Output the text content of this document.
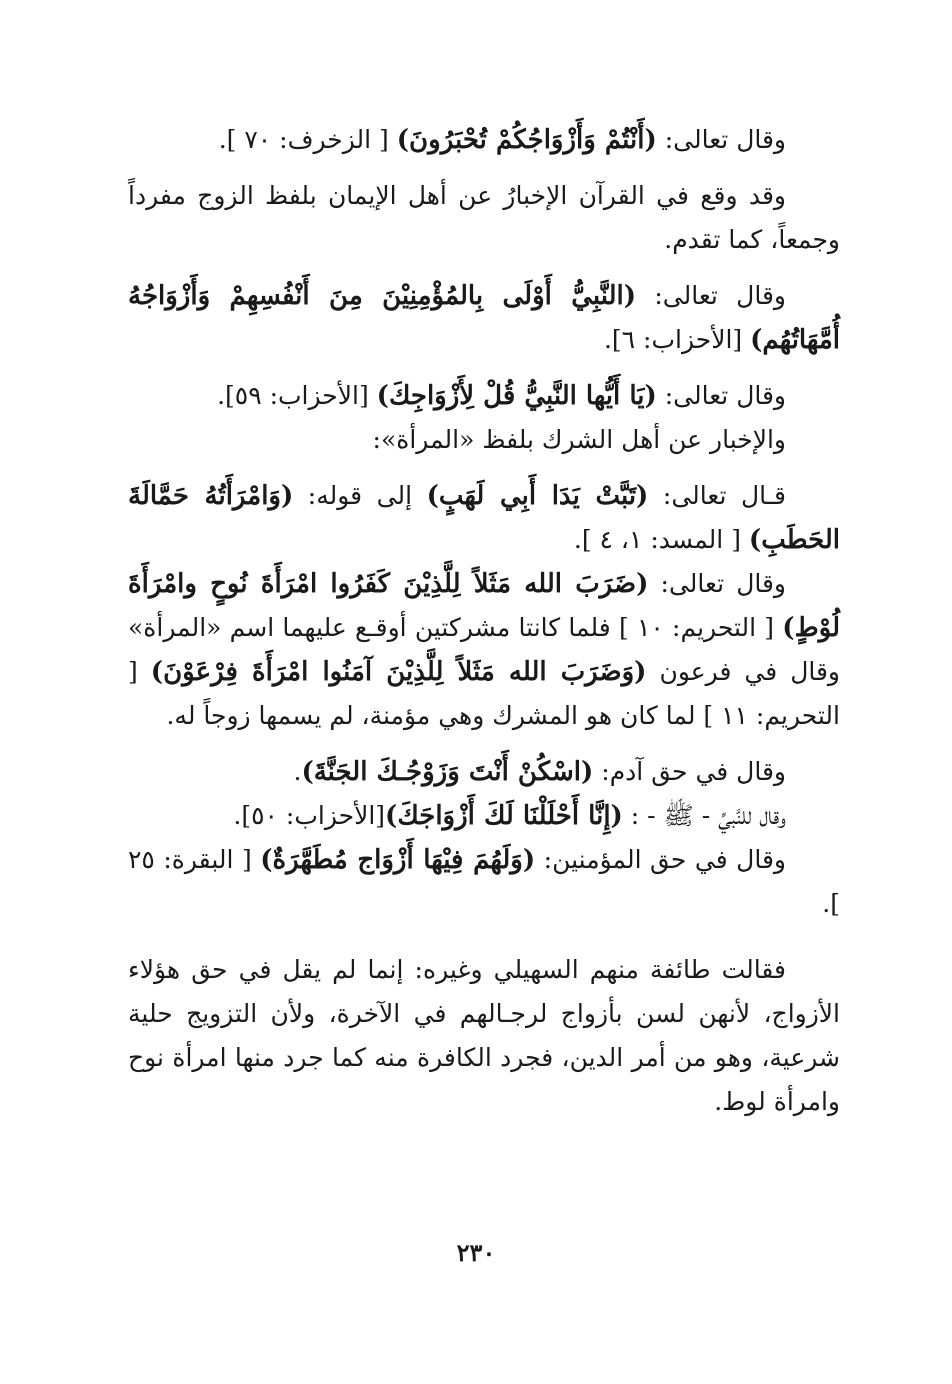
وقال تعالى: (أَنْتُمْ وَأَزْوَاجُكُمْ تُحْبَرُونَ) [ الزخرف: ٧٠ ].

وقد وقع في القرآن الإخبارُ عن أهل الإيمان بلفظ الزوج مفرداً وجمعاً، كما تقدم.

وقال تعالى: (النَّبِيُّ أَوْلَى بِالمُؤْمِنِيْنَ مِنَ أَنْفُسِهِمْ وَأَزْوَاجُهُ أُمَّهَاتُهُم) [الأحزاب: ٦].

وقال تعالى: (يَا أَيُّها النَّبِيُّ قُلْ لِأَزْوَاجِكَ) [الأحزاب: ٥٩].

والإخبار عن أهل الشرك بلفظ «المرأة»:

قـال تعالى: (تَبَّتْ يَدَا أَبِي لَهَبٍ) إلى قوله: (وَامْرَأَتُهُ حَمَّالَةَ الحَطَبِ) [ المسد: ١، ٤ ].

وقال تعالى: (ضَرَبَ الله مَثَلاً لِلَّذِيْنَ كَفَرُوا امْرَأَةَ نُوحٍ وامْرَأَةَ لُوْطٍ) [ التحريم: ١٠ ] فلما كانتا مشركتين أوقـع عليهما اسم «المرأة» وقال في فرعون (وَضَرَبَ الله مَثَلاً لِلَّذِيْنَ آمَنُوا امْرَأَةَ فِرْعَوْنَ) [ التحريم: ١١ ] لما كان هو المشرك وهي مؤمنة، لم يسمها زوجاً له.

وقال في حق آدم: (اسْكُنْ أَنْتَ وَزَوْجُـكَ الجَنَّةَ).

وقال للنَّبيِّ - ﷺ - : (إِنَّا أَحْلَلْنَا لَكَ أَزْوَاجَكَ)[الأحزاب: ٥٠].

وقال في حق المؤمنين: (وَلَهُمَ فِيْهَا أَزْوَاج مُطَهَّرَةٌ) [ البقرة: ٢٥ ].

فقالت طائفة منهم السهيلي وغيره: إنما لم يقل في حق هؤلاء الأزواج، لأنهن لسن بأزواج لرجـالهم في الآخرة، ولأن التزويج حلية شرعية، وهو من أمر الدين، فجرد الكافرة منه كما جرد منها امرأة نوح وامرأة لوط.

٢٣٠
